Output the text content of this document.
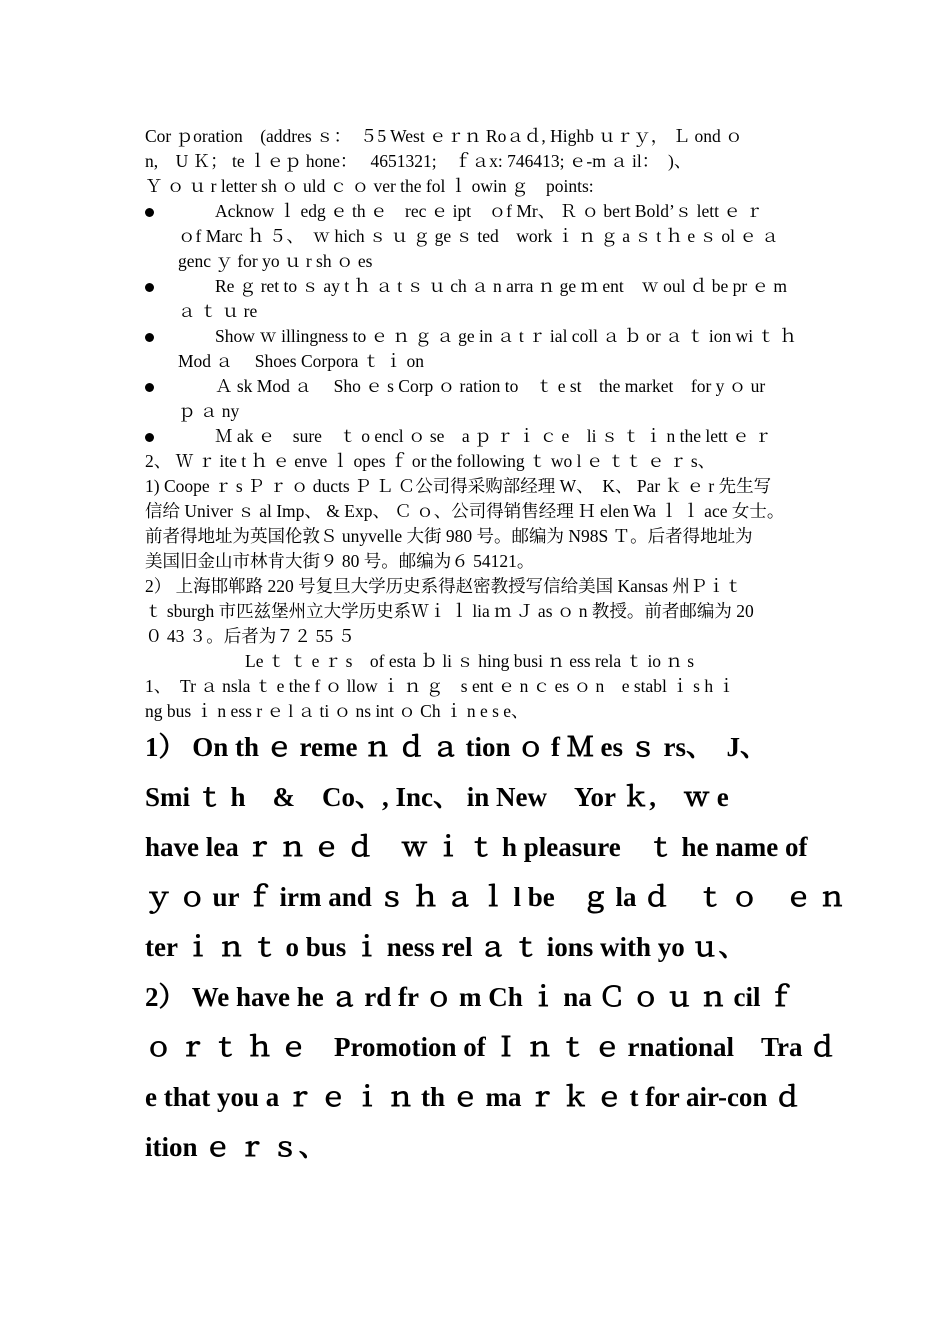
Cor ｐoration　(addres ｓ：　５5 West ｅｒｎ Roａｄ, Highb ｕｒｙ， Ｌ ond ｏ
n,　U Ｋ； te ｌｅｐ hone：　 4651321;　ｆａx: 746413; ｅ-m ａ il：　)、
Ｙ ｏ ｕ r letter sh ｏ uld ｃ ｏ ver the fol ｌ owin ｇ　points:
Acknow ｌ edg ｅ th ｅ　rec ｅ ipt　ｏf Mr、 Ｒ ｏ bert Bold’ｓ lett ｅ ｒ
ｏf Marc ｈ ５、　ｗ hich ｓ ｕ ｇ ge ｓ ted　work ｉ ｎ ｇ a ｓ t ｈ e ｓ ol ｅ ａ
genc ｙ for yo ｕ r sh ｏ es
Re ｇ ret to ｓ ay t ｈ ａ t ｓ ｕ ch ａ n arra ｎ ge ｍ ent　ｗ oul ｄ be pr ｅ m
ａ ｔ ｕ re
Show ｗ illingness to ｅ ｎ ｇ ａ ge in ａ t ｒ ial coll ａ ｂ or ａ ｔ ion wi ｔ ｈ
Mod ａ　 Shoes Corpora ｔ ｉ on
Ａ sk Mod ａ　 Sho ｅ s Corp ｏ ration to　ｔ e st　the market　for y ｏ ur
ｐ ａ ny
Ｍ ak ｅ　sure　ｔ o encl ｏ se　a ｐ ｒ ｉ ｃ e　li ｓ ｔ ｉ n the lett ｅ ｒ
2、 Ｗ ｒ ite t ｈ ｅ enve ｌ opes ｆ or the following ｔ wo l ｅ ｔｔ ｅ ｒ s、
1) Coope ｒ s Ｐ ｒ ｏ ducts Ｐ Ｌ Ｃ公司得采购部经理 W、　K、 Par ｋ ｅ r 先生写
信给 Univer ｓ al Imp、 & Exp、 Ｃ ｏ、公司得销售经理 Ｈ elen Wa ｌ ｌ ace 女士。
前者得地址为英国伦敦Ｓ unyvelle 大街 980 号。邮编为 N98S Ｔ。后者得地址为
美国旧金山市林肯大街９ 80 号。邮编为６ 54121。
2） 上海邯郸路 220 号复旦大学历史系得赵密教授写信给美国 Kansas 州Ｐｉｔ
ｔ sburgh 市匹兹堡州立大学历史系Ｗｉ ｌ lia ｍ Ｊ as ｏ n 教授。前者邮编为 20
０ 43 ３。后者为７２ 55 ５
Le ｔ ｔ e ｒ s　of esta ｂ li ｓ hing busi ｎ ess rela ｔ io ｎ s
1、　Tr ａ nsla ｔ e the f ｏ llow ｉ ｎ ｇ　s ent ｅ n ｃ es ｏ n　e stabl ｉ s h ｉ
ng bus ｉ n ess r ｅ l ａ ti ｏ ns int ｏ Ch ｉ n e s e、
1） On th ｅ reme ｎ ｄ ａ tion ｏ f Ｍ es ｓ rs、　J、
Smi ｔ h　&　Co、, Inc、 in New　Yor ｋ,　ｗ e
have lea ｒ ｎ ｅ ｄ　ｗ ｉ ｔ h pleasure　ｔ he name of
ｙ ｏ ur ｆ irm and ｓ ｈ ａ ｌ l be　ｇ la ｄ　ｔ ｏ　ｅ ｎ
ter ｉ ｎ ｔ o bus ｉ ness rel ａ ｔ ions with yo ｕ、
2） We have he ａ rd fr ｏ m Ch ｉ na Ｃ ｏ ｕ ｎ cil ｆ
ｏ ｒ ｔ ｈ ｅ　Promotion of Ｉ ｎ ｔ ｅ rnational　Tra ｄ
e that you a ｒ ｅ ｉ ｎ th ｅ ma ｒ ｋ ｅ t for air-con ｄ
ition ｅ ｒ ｓ、
